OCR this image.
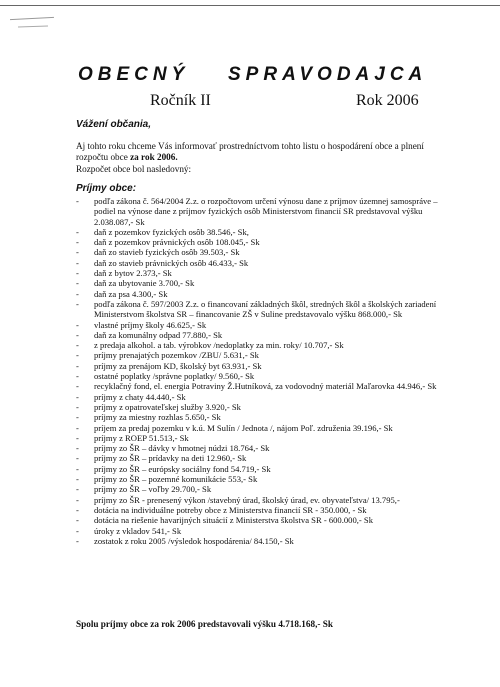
OBECNÝ SPRAVODAJCA
Ročník II	Rok 2006
Vážení občania,
Aj tohto roku chceme Vás informovať prostredníctvom tohto listu o hospodárení obce a plnení rozpočtu obce za rok 2006.
Rozpočet obce bol nasledovný:
Príjmy obce:
- podľa zákona č. 564/2004 Z.z. o rozpočtovom určení výnosu dane z príjmov územnej samospráve – podiel na výnose dane z príjmov fyzických osôb Ministerstvom financií SR predstavoval výšku 2.038.087,- Sk
- daň z pozemkov fyzických osôb 38.546,- Sk,
- daň z pozemkov právnických osôb 108.045,- Sk
- daň zo stavieb fyzických osôb 39.503,- Sk
- daň zo stavieb právnických osôb 46.433,- Sk
- daň z bytov 2.373,- Sk
- daň za ubytovanie 3.700,- Sk
- daň za psa 4.300,- Sk
- podľa zákona č. 597/2003 Z.z. o financovaní základných škôl, stredných škôl a školských zariadení Ministerstvom školstva SR – financovanie ZŠ v Suline predstavovalo výšku 868.000,- Sk
- vlastné príjmy školy 46.625,- Sk
- daň za komunálny odpad 77.880,- Sk
- z predaja alkohol. a tab. výrobkov /nedoplatky za min. roky/ 10.707,- Sk
- príjmy prenajatých pozemkov /ZBU/ 5.631,- Sk
- príjmy za prenájom KD, školský byt 63.931,- Sk
- ostatné poplatky /správne poplatky/ 9.560,- Sk
- recyklačný fond, el. energia Potraviny Ž.Hutníková, za vodovodný materiál Maľarovka 44.946,- Sk
- príjmy z chaty 44.440,- Sk
- príjmy z opatrovateľskej služby 3.920,- Sk
- príjmy za miestny rozhlas 5.650,- Sk
- príjem za predaj pozemku v k.ú. M Sulín / Jednota /, nájom Poľ. združenia 39.196,- Sk
- príjmy z ROEP 51.513,- Sk
- príjmy zo ŠR – dávky v hmotnej núdzi 18.764,- Sk
- príjmy zo ŠR – prídavky na deti 12.960,- Sk
- príjmy zo ŠR – európsky sociálny fond 54.719,- Sk
- príjmy zo ŠR – pozemné komunikácie 553,- Sk
- príjmy zo ŠR – voľby 29.700,- Sk
- príjmy zo ŠR - prenesený výkon /stavebný úrad, školský úrad, ev. obyvateľstva/ 13.795,-
- dotácia na individuálne potreby obce z Ministerstva financií SR - 350.000, - Sk
- dotácia na riešenie havarijných situácií z Ministerstva školstva SR - 600.000,- Sk
- úroky z vkladov 541,- Sk
- zostatok z roku 2005 /výsledok hospodárenia/ 84.150,- Sk
Spolu príjmy obce za rok 2006 predstavovali výšku 4.718.168,- Sk
